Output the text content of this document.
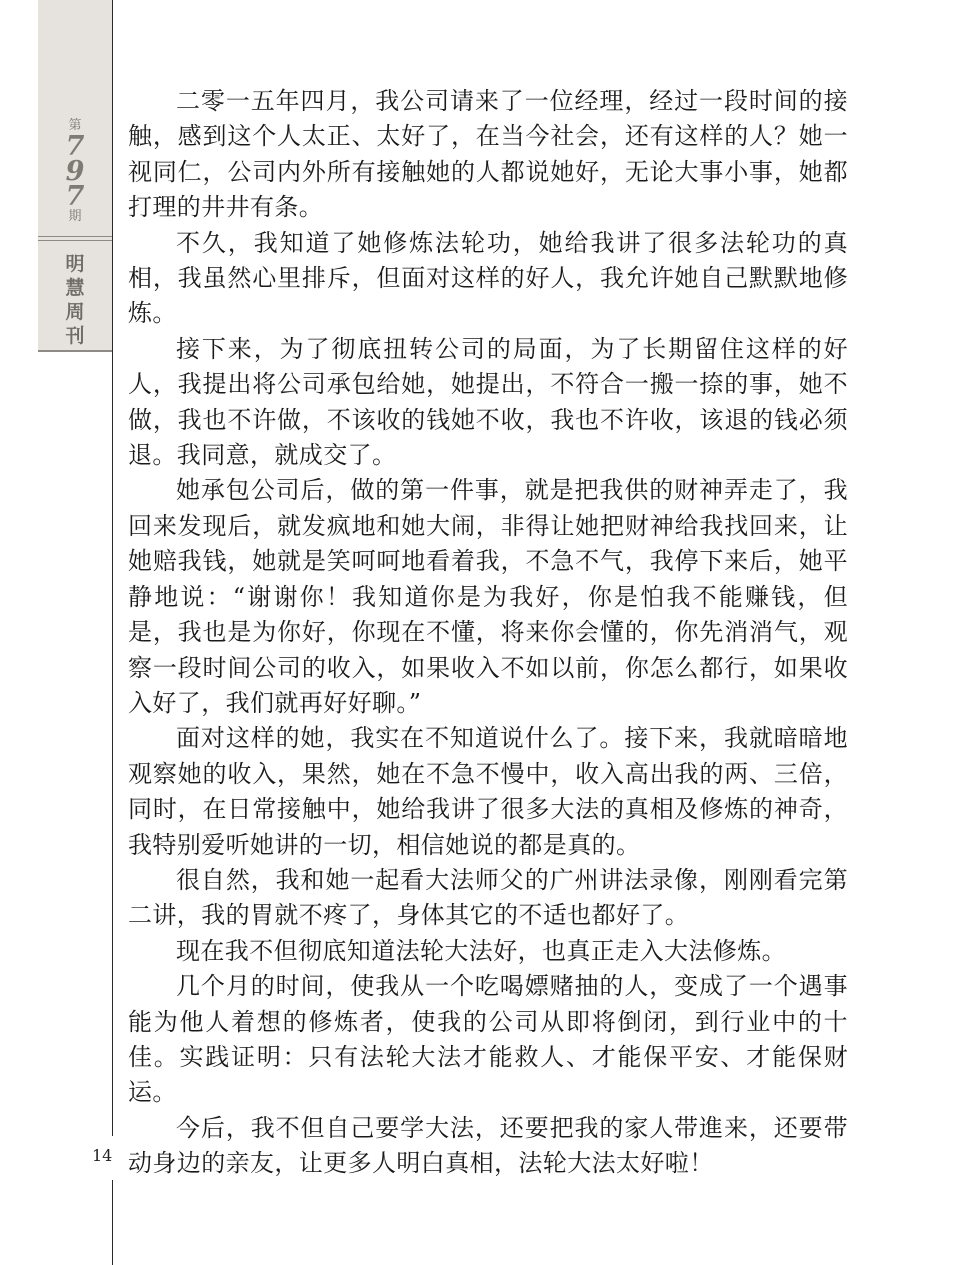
第
7
9
7
期
明
慧
周
刊
14

二零一五年四月，我公司请来了一位经理，经过一段时间的接触，感到这个人太正、太好了，在当今社会，还有这样的人？她一视同仁，公司内外所有接触她的人都说她好，无论大事小事，她都打理的井井有条。

不久，我知道了她修炼法轮功，她给我讲了很多法轮功的真相，我虽然心里排斥，但面对这样的好人，我允许她自己默默地修炼。

接下来，为了彻底扭转公司的局面，为了长期留住这样的好人，我提出将公司承包给她，她提出，不符合一搬一捺的事，她不做，我也不许做，不该收的钱她不收，我也不许收，该退的钱必须退。我同意，就成交了。

她承包公司后，做的第一件事，就是把我供的财神弄走了，我回来发现后，就发疯地和她大闹，非得让她把财神给我找回来，让她赔我钱，她就是笑呵呵地看着我，不急不气，我停下来后，她平静地说：“谢谢你！我知道你是为我好，你是怕我不能赚钱，但是，我也是为你好，你现在不懂，将来你会懂的，你先消消气，观察一段时间公司的收入，如果收入不如以前，你怎么都行，如果收入好了，我们就再好好聊。”

面对这样的她，我实在不知道说什么了。接下来，我就暗暗地观察她的收入，果然，她在不急不慢中，收入高出我的两、三倍，同时，在日常接触中，她给我讲了很多大法的真相及修炼的神奇，我特别爱听她讲的一切，相信她说的都是真的。

很自然，我和她一起看大法师父的广州讲法录像，刚刚看完第二讲，我的胃就不疼了，身体其它的不适也都好了。

现在我不但彻底知道法轮大法好，也真正走入大法修炼。

几个月的时间，使我从一个吃喝嫖赌抽的人，变成了一个遇事能为他人着想的修炼者，使我的公司从即将倒闭，到行业中的十佳。实践证明：只有法轮大法才能救人、才能保平安、才能保财运。

今后，我不但自己要学大法，还要把我的家人带進来，还要带动身边的亲友，让更多人明白真相，法轮大法太好啦！
